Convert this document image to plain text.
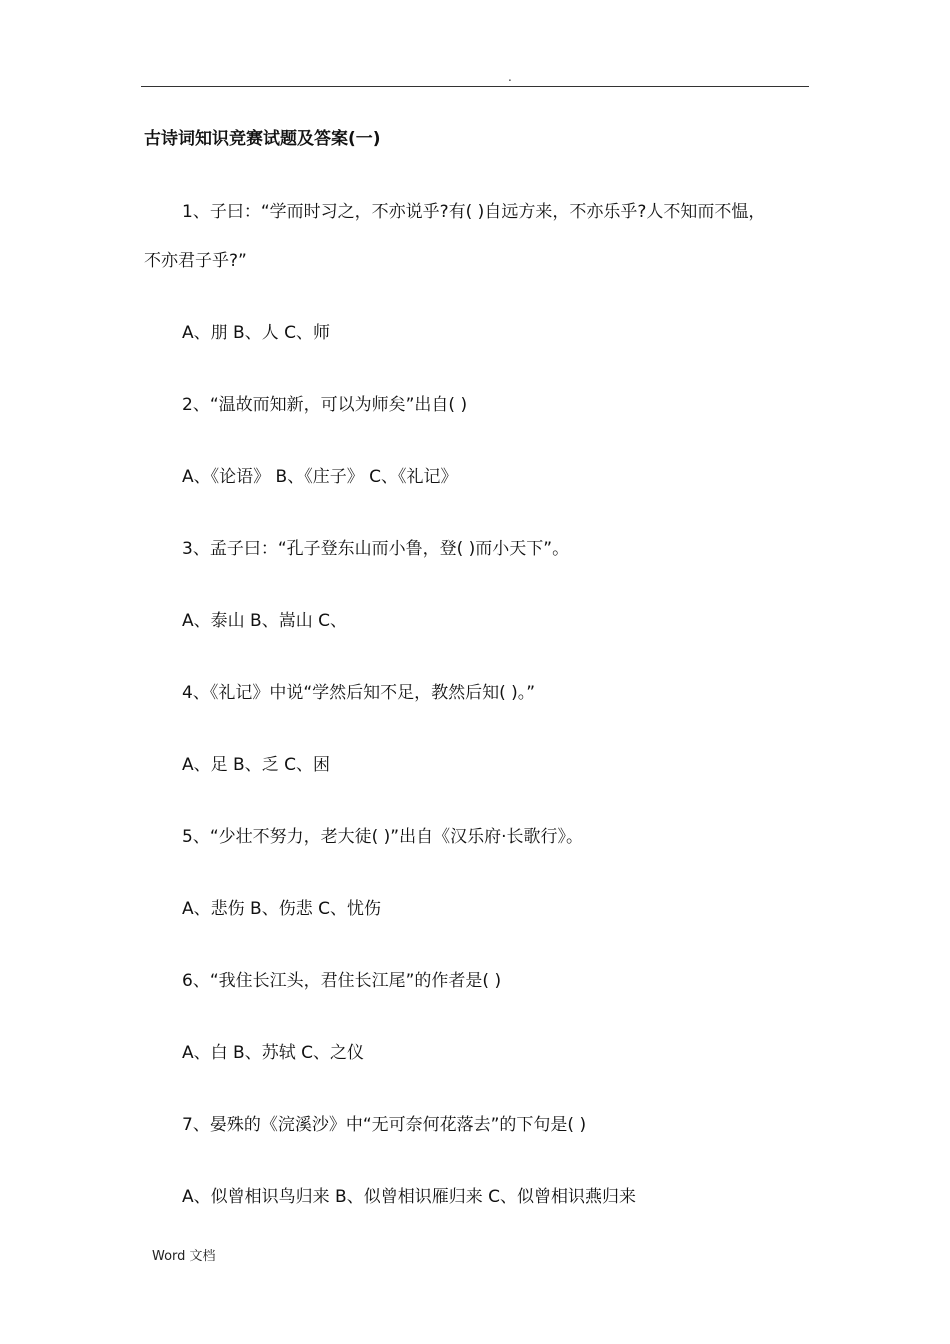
.
古诗词知识竞赛试题及答案(一)
1、子曰：“学而时习之，不亦说乎?有( )自远方来，不亦乐乎?人不知而不愠，
不亦君子乎?”
A、朋 B、人 C、师
2、“温故而知新，可以为师矣”出自( )
A、《论语》 B、《庄子》 C、《礼记》
3、孟子曰：“孔子登东山而小鲁，登( )而小天下”。
A、泰山 B、嵩山 C、
4、《礼记》中说“学然后知不足，教然后知( )。”
A、足 B、乏 C、困
5、“少壮不努力，老大徒( )”出自《汉乐府·长歌行》。
A、悲伤 B、伤悲 C、忧伤
6、“我住长江头，君住长江尾”的作者是( )
A、白 B、苏轼 C、之仪
7、晏殊的《浣溪沙》中“无可奈何花落去”的下句是( )
A、似曾相识鸟归来 B、似曾相识雁归来 C、似曾相识燕归来
Word 文档
